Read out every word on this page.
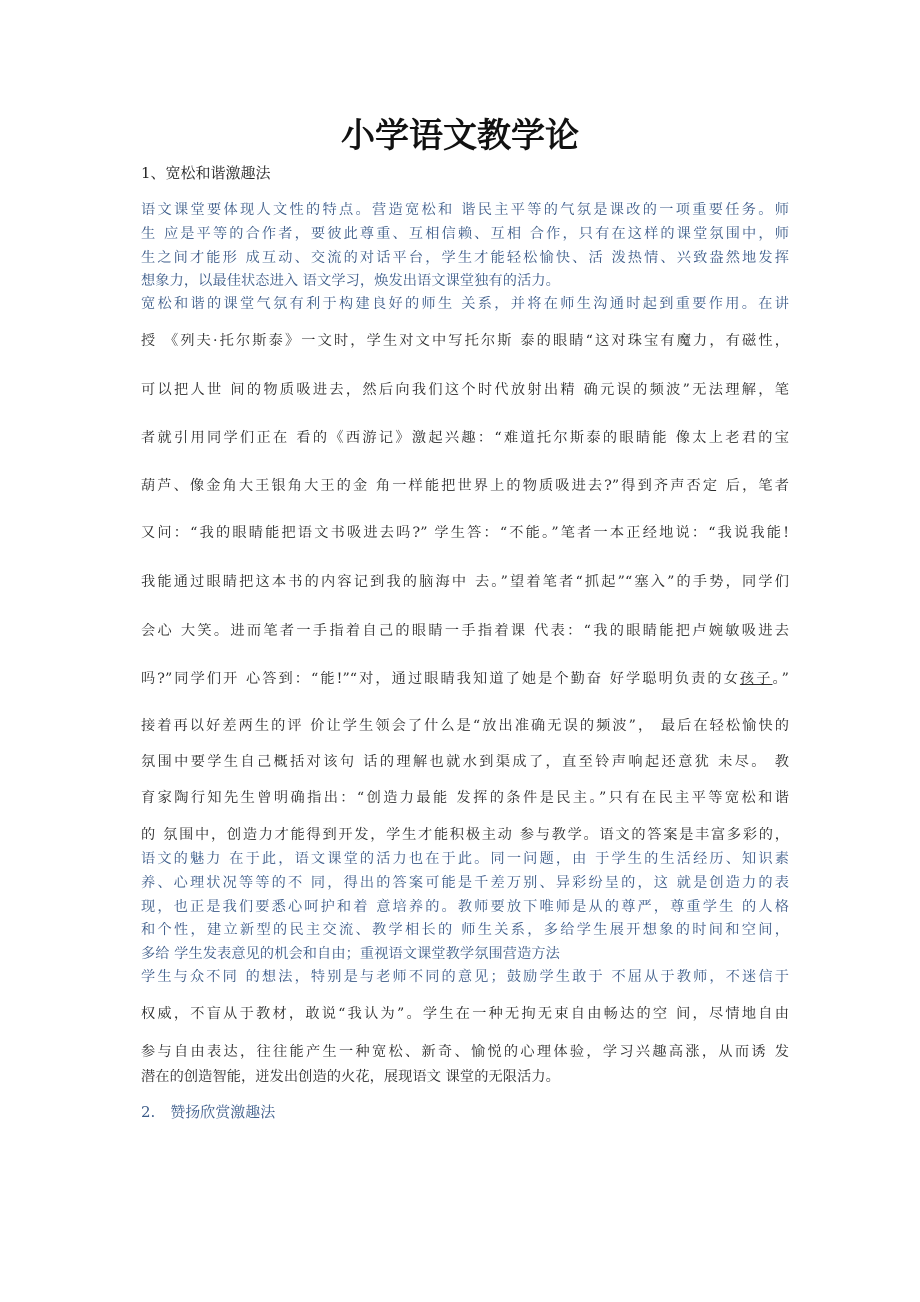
小学语文教学论

1、宽松和谐激趣法

语文课堂要体现人文性的特点。营造宽松和 谐民主平等的气氛是课改的一项重要任务。师

生 应是平等的合作者，要彼此尊重、互相信赖、互相 合作，只有在这样的课堂氛围中，师

生之间才能形 成互动、交流的对话平台，学生才能轻松愉快、活 泼热情、兴致盎然地发挥

想象力，以最佳状态进入 语文学习，焕发出语文课堂独有的活力。

宽松和谐的课堂气氛有利于构建良好的师生 关系，并将在师生沟通时起到重要作用。在讲

授 《列夫·托尔斯泰》一文时，学生对文中写托尔斯 泰的眼睛“这对珠宝有魔力，有磁性，

可以把人世 间的物质吸进去，然后向我们这个时代放射出精 确元误的频波”无法理解，笔

者就引用同学们正在 看的《西游记》激起兴趣：“难道托尔斯泰的眼睛能 像太上老君的宝

葫芦、像金角大王银角大王的金 角一样能把世界上的物质吸进去?”得到齐声否定 后，笔者

又问：“我的眼睛能把语文书吸进去吗?” 学生答：“不能。”笔者一本正经地说：“我说我能!

我能通过眼睛把这本书的内容记到我的脑海中 去。”望着笔者“抓起”“塞入”的手势，同学们

会心 大笑。进而笔者一手指着自己的眼睛一手指着课 代表：“我的眼睛能把卢婉敏吸进去

吗?”同学们开 心答到：“能!”“对，通过眼睛我知道了她是个勤奋 好学聪明负责的女孩子。”

接着再以好差两生的评 价让学生领会了什么是“放出准确无误的频波”， 最后在轻松愉快的

氛围中要学生自己概括对该句 话的理解也就水到渠成了，直至铃声响起还意犹 未尽。 教

育家陶行知先生曾明确指出：“创造力最能 发挥的条件是民主。”只有在民主平等宽松和谐

的 氛围中，创造力才能得到开发，学生才能积极主动 参与教学。语文的答案是丰富多彩的，

语文的魅力 在于此，语文课堂的活力也在于此。同一问题，由 于学生的生活经历、知识素

养、心理状况等等的不 同，得出的答案可能是千差万别、异彩纷呈的，这 就是创造力的表

现，也正是我们要悉心呵护和着 意培养的。教师要放下唯师是从的尊严，尊重学生 的人格

和个性，建立新型的民主交流、教学相长的 师生关系，多给学生展开想象的时间和空间，

多给 学生发表意见的机会和自由；重视语文课堂教学氛围营造方法

学生与众不同 的想法，特别是与老师不同的意见；鼓励学生敢于 不屈从于教师，不迷信于

权威，不盲从于教材，敢说“我认为”。学生在一种无拘无束自由畅达的空 间，尽情地自由

参与自由表达，往往能产生一种宽松、新奇、愉悦的心理体验，学习兴趣高涨，从而诱 发

潜在的创造智能，迸发出创造的火花，展现语文 课堂的无限活力。

2.　赞扬欣赏激趣法
